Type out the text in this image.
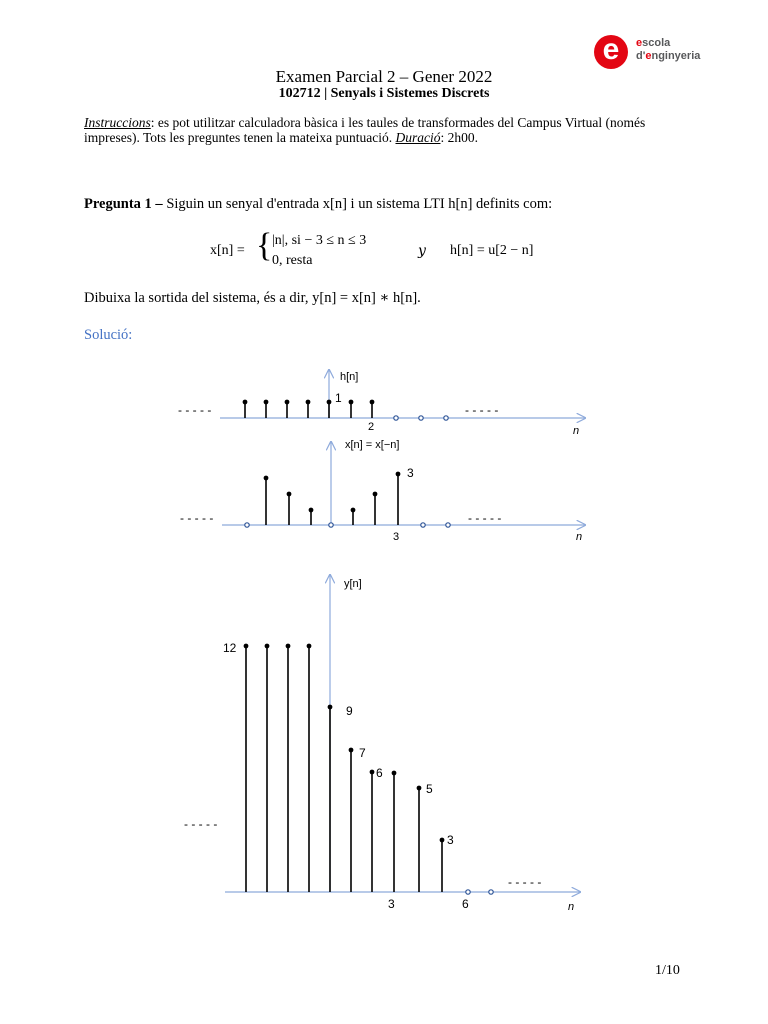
e	escola
d'enginyeria
Examen Parcial 2 – Gener 2022
102712 | Senyals i Sistemes Discrets
Instruccions: es pot utilitzar calculadora bàsica i les taules de transformades del Campus Virtual (només impreses). Tots les preguntes tenen la mateixa puntuació. Duració: 2h00.
Pregunta 1 – Siguin un senyal d'entrada x[n] i un sistema LTI h[n] definits com:
x[n] = { |n|, si − 3 ≤ n ≤ 3
0, resta
y h[n] = u[2 − n]
Dibuixa la sortida del sistema, és a dir, y[n] = x[n] ∗ h[n].
Solució:
h[n]
1
2	n
- - - - -	- - - - -
x[n] = x[−n]
3
3	n
- - - - -	- - - - -
y[n]
12
9
7
6
5
3
3	6	n
- - - - -
- - - - -
1/10
